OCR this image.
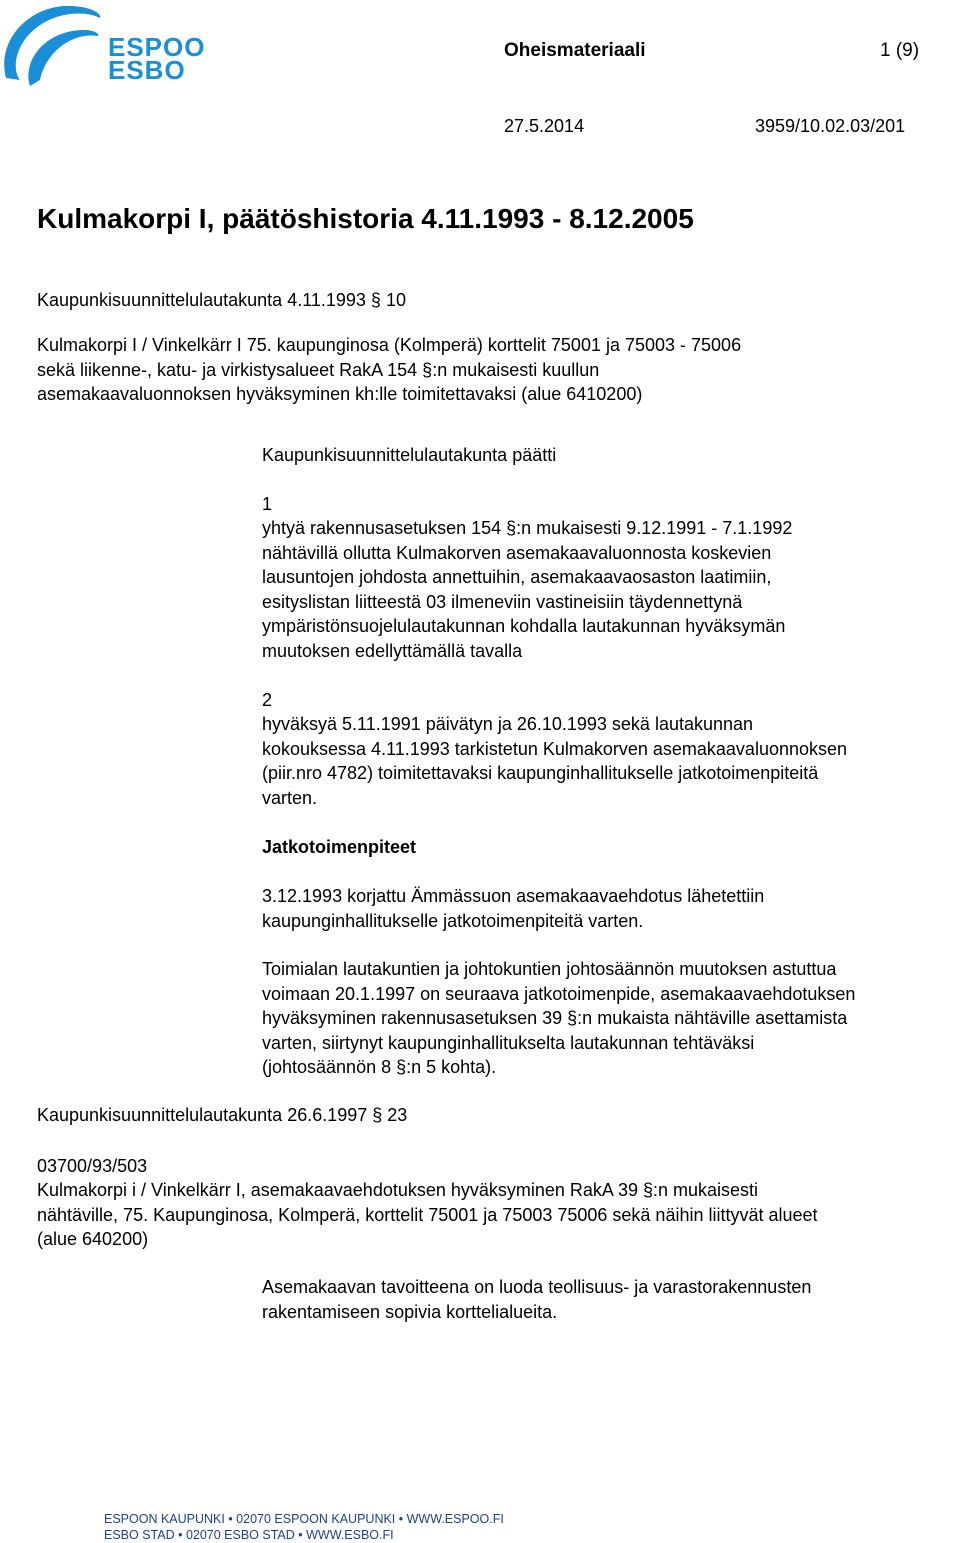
ESPOO
ESBO
Oheismateriaali	1 (9)
27.5.2014	3959/10.02.03/201
Kulmakorpi I, päätöshistoria 4.11.1993 - 8.12.2005
Kaupunkisuunnittelulautakunta 4.11.1993 § 10
Kulmakorpi I / Vinkelkärr I 75. kaupunginosa (Kolmperä) korttelit 75001 ja 75003 - 75006
sekä liikenne-, katu- ja virkistysalueet RakA 154 §:n mukaisesti kuullun
asemakaavaluonnoksen hyväksyminen kh:lle toimitettavaksi (alue 6410200)
Kaupunkisuunnittelulautakunta päätti
1
yhtyä rakennusasetuksen 154 §:n mukaisesti 9.12.1991 - 7.1.1992
nähtävillä ollutta Kulmakorven asemakaavaluonnosta koskevien
lausuntojen johdosta annettuihin, asemakaavaosaston laatimiin,
esityslistan liitteestä 03 ilmeneviin vastineisiin täydennettynä
ympäristönsuojelulautakunnan kohdalla lautakunnan hyväksymän
muutoksen edellyttämällä tavalla
2
hyväksyä 5.11.1991 päivätyn ja 26.10.1993 sekä lautakunnan
kokouksessa 4.11.1993 tarkistetun Kulmakorven asemakaavaluonnoksen
(piir.nro 4782) toimitettavaksi kaupunginhallitukselle jatkotoimenpiteitä
varten.
Jatkotoimenpiteet
3.12.1993 korjattu Ämmässuon asemakaavaehdotus lähetettiin
kaupunginhallitukselle jatkotoimenpiteitä varten.
Toimialan lautakuntien ja johtokuntien johtosäännön muutoksen astuttua
voimaan 20.1.1997 on seuraava jatkotoimenpide, asemakaavaehdotuksen
hyväksyminen rakennusasetuksen 39 §:n mukaista nähtäville asettamista
varten, siirtynyt kaupunginhallitukselta lautakunnan tehtäväksi
(johtosäännön 8 §:n 5 kohta).
Kaupunkisuunnittelulautakunta 26.6.1997 § 23
03700/93/503
Kulmakorpi i / Vinkelkärr I, asemakaavaehdotuksen hyväksyminen RakA 39 §:n mukaisesti
nähtäville, 75. Kaupunginosa, Kolmperä, korttelit 75001 ja 75003 75006 sekä näihin liittyvät alueet
(alue 640200)
Asemakaavan tavoitteena on luoda teollisuus- ja varastorakennusten
rakentamiseen sopivia korttelialueita.
ESPOON KAUPUNKI • 02070 ESPOON KAUPUNKI • WWW.ESPOO.FI
ESBO STAD • 02070 ESBO STAD • WWW.ESBO.FI
